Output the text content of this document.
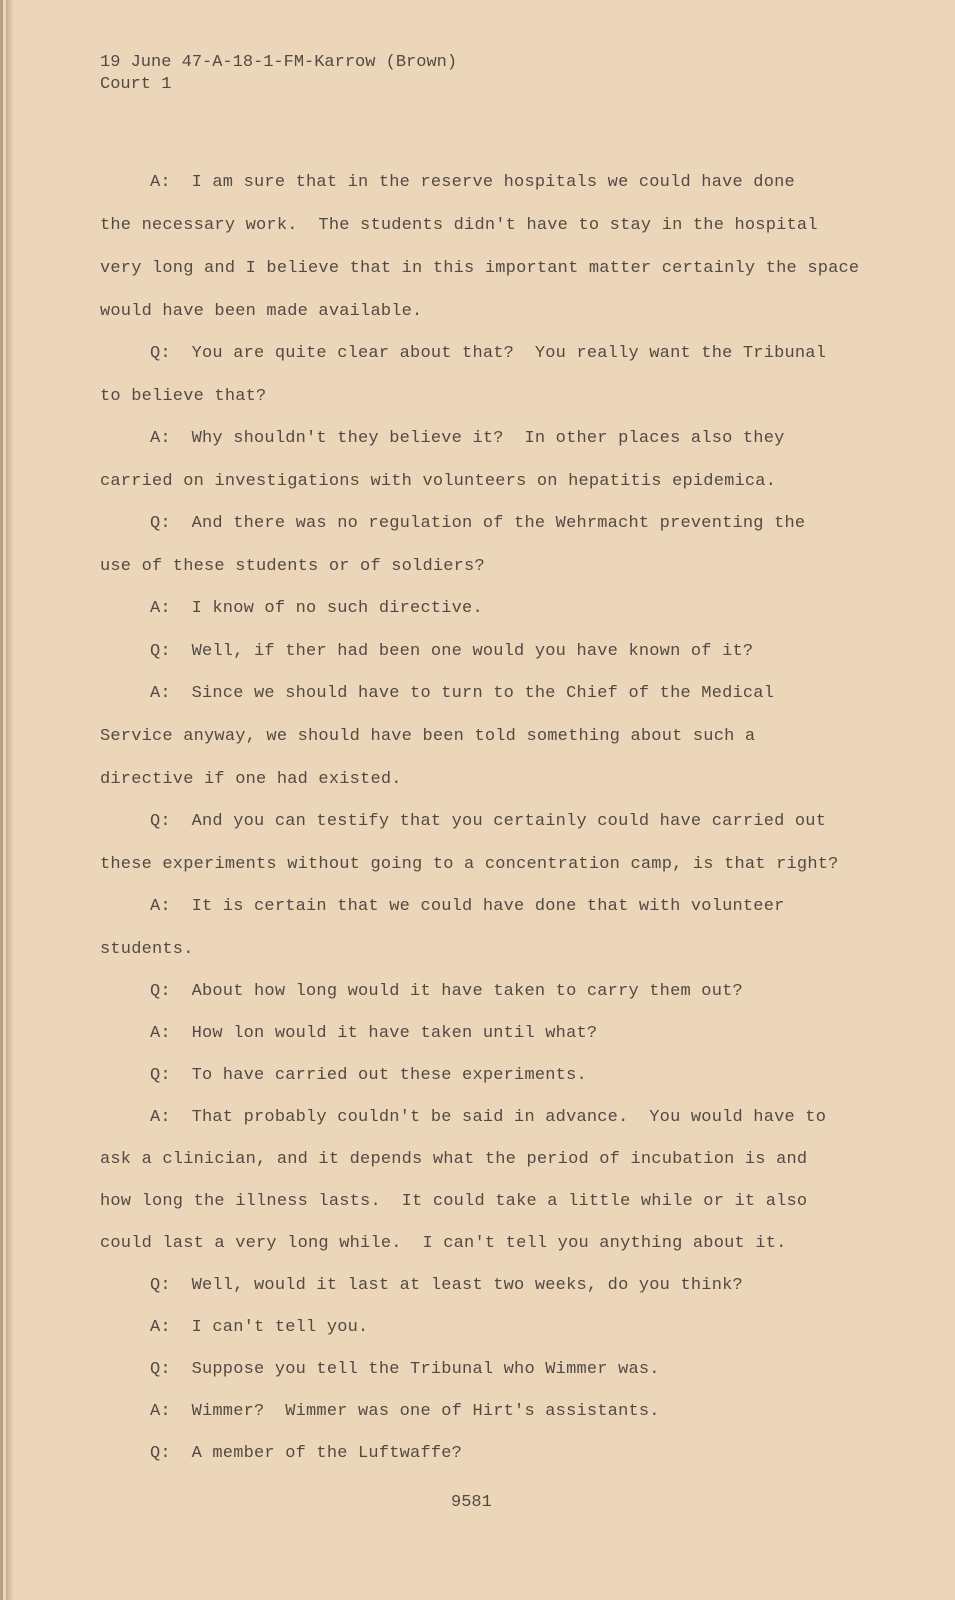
19 June 47-A-18-1-FM-Karrow (Brown)
Court 1
A:  I am sure that in the reserve hospitals we could have done
the necessary work.  The students didn't have to stay in the hospital
very long and I believe that in this important matter certainly the space
would have been made available.
Q:  You are quite clear about that?  You really want the Tribunal
to believe that?
A:  Why shouldn't they believe it?  In other places also they
carried on investigations with volunteers on hepatitis epidemica.
Q:  And there was no regulation of the Wehrmacht preventing the
use of these students or of soldiers?
A:  I know of no such directive.
Q:  Well, if ther had been one would you have known of it?
A:  Since we should have to turn to the Chief of the Medical
Service anyway, we should have been told something about such a
directive if one had existed.
Q:  And you can testify that you certainly could have carried out
these experiments without going to a concentration camp, is that right?
A:  It is certain that we could have done that with volunteer
students.
Q:  About how long would it have taken to carry them out?
A:  How lon would it have taken until what?
Q:  To have carried out these experiments.
A:  That probably couldn't be said in advance.  You would have to
ask a clinician, and it depends what the period of incubation is and
how long the illness lasts.  It could take a little while or it also
could last a very long while.  I can't tell you anything about it.
Q:  Well, would it last at least two weeks, do you think?
A:  I can't tell you.
Q:  Suppose you tell the Tribunal who Wimmer was.
A:  Wimmer?  Wimmer was one of Hirt's assistants.
Q:  A member of the Luftwaffe?
9581
